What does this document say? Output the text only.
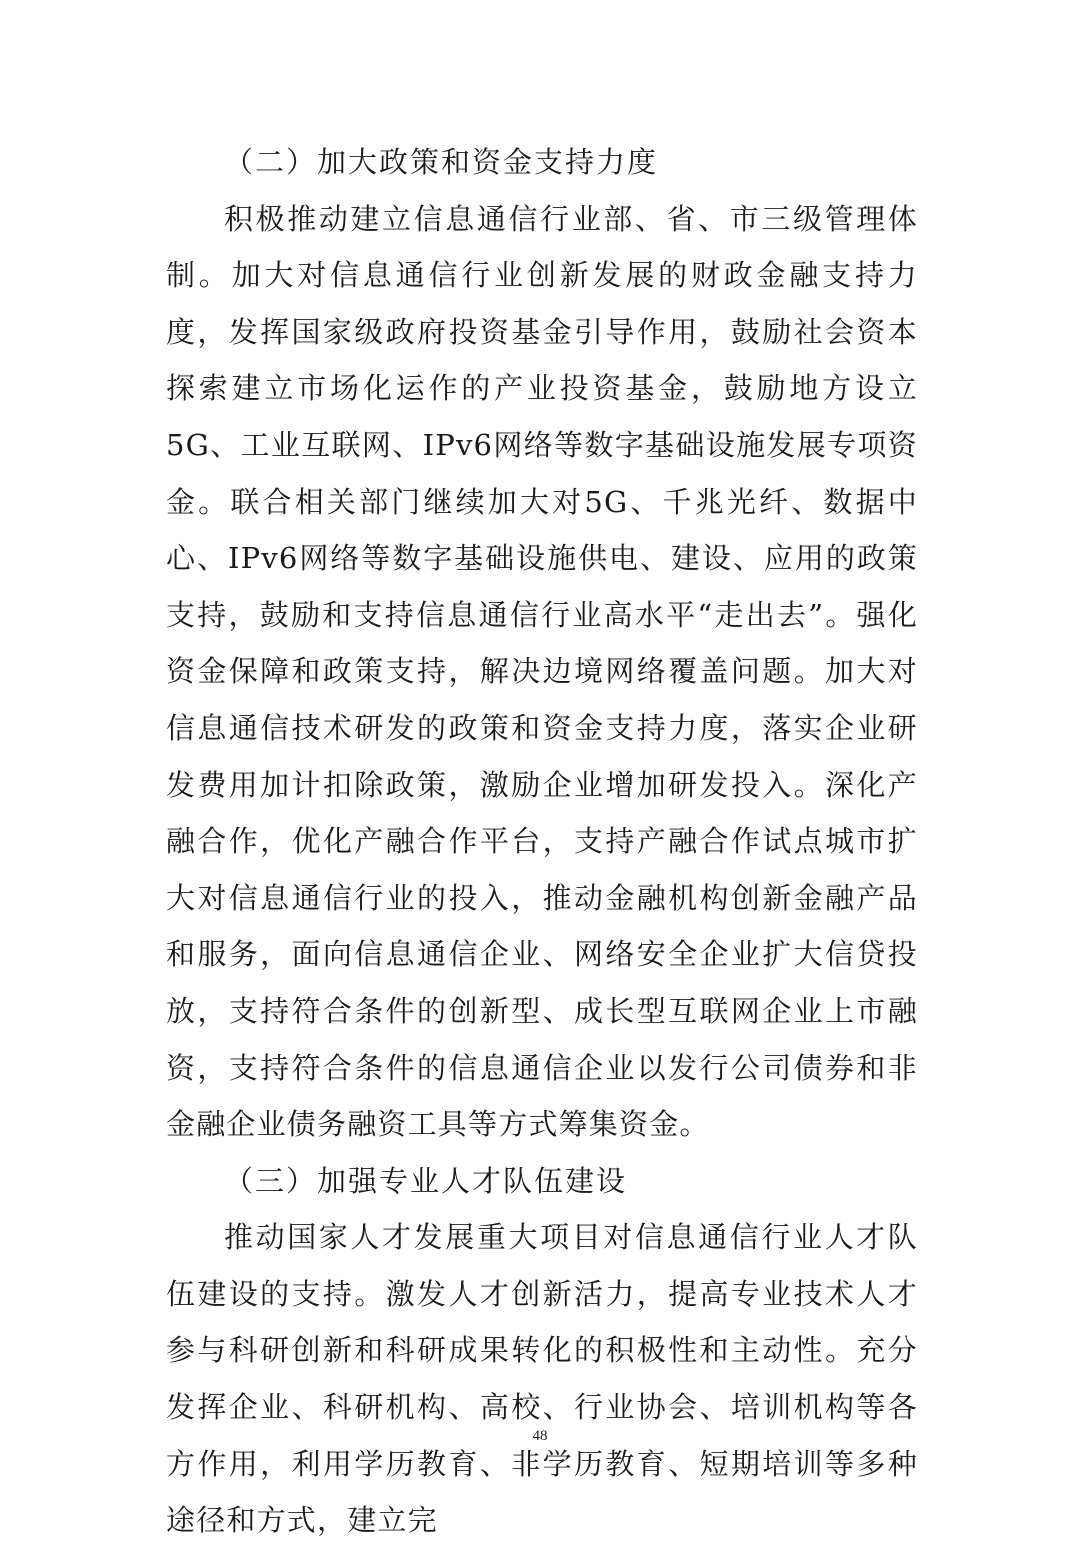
（二）加大政策和资金支持力度

积极推动建立信息通信行业部、省、市三级管理体制。加大对信息通信行业创新发展的财政金融支持力度，发挥国家级政府投资基金引导作用，鼓励社会资本探索建立市场化运作的产业投资基金，鼓励地方设立5G、工业互联网、IPv6网络等数字基础设施发展专项资金。联合相关部门继续加大对5G、千兆光纤、数据中心、IPv6网络等数字基础设施供电、建设、应用的政策支持，鼓励和支持信息通信行业高水平“走出去”。强化资金保障和政策支持，解决边境网络覆盖问题。加大对信息通信技术研发的政策和资金支持力度，落实企业研发费用加计扣除政策，激励企业增加研发投入。深化产融合作，优化产融合作平台，支持产融合作试点城市扩大对信息通信行业的投入，推动金融机构创新金融产品和服务，面向信息通信企业、网络安全企业扩大信贷投放，支持符合条件的创新型、成长型互联网企业上市融资，支持符合条件的信息通信企业以发行公司债券和非金融企业债务融资工具等方式筹集资金。

（三）加强专业人才队伍建设

推动国家人才发展重大项目对信息通信行业人才队伍建设的支持。激发人才创新活力，提高专业技术人才参与科研创新和科研成果转化的积极性和主动性。充分发挥企业、科研机构、高校、行业协会、培训机构等各方作用，利用学历教育、非学历教育、短期培训等多种途径和方式，建立完

48
